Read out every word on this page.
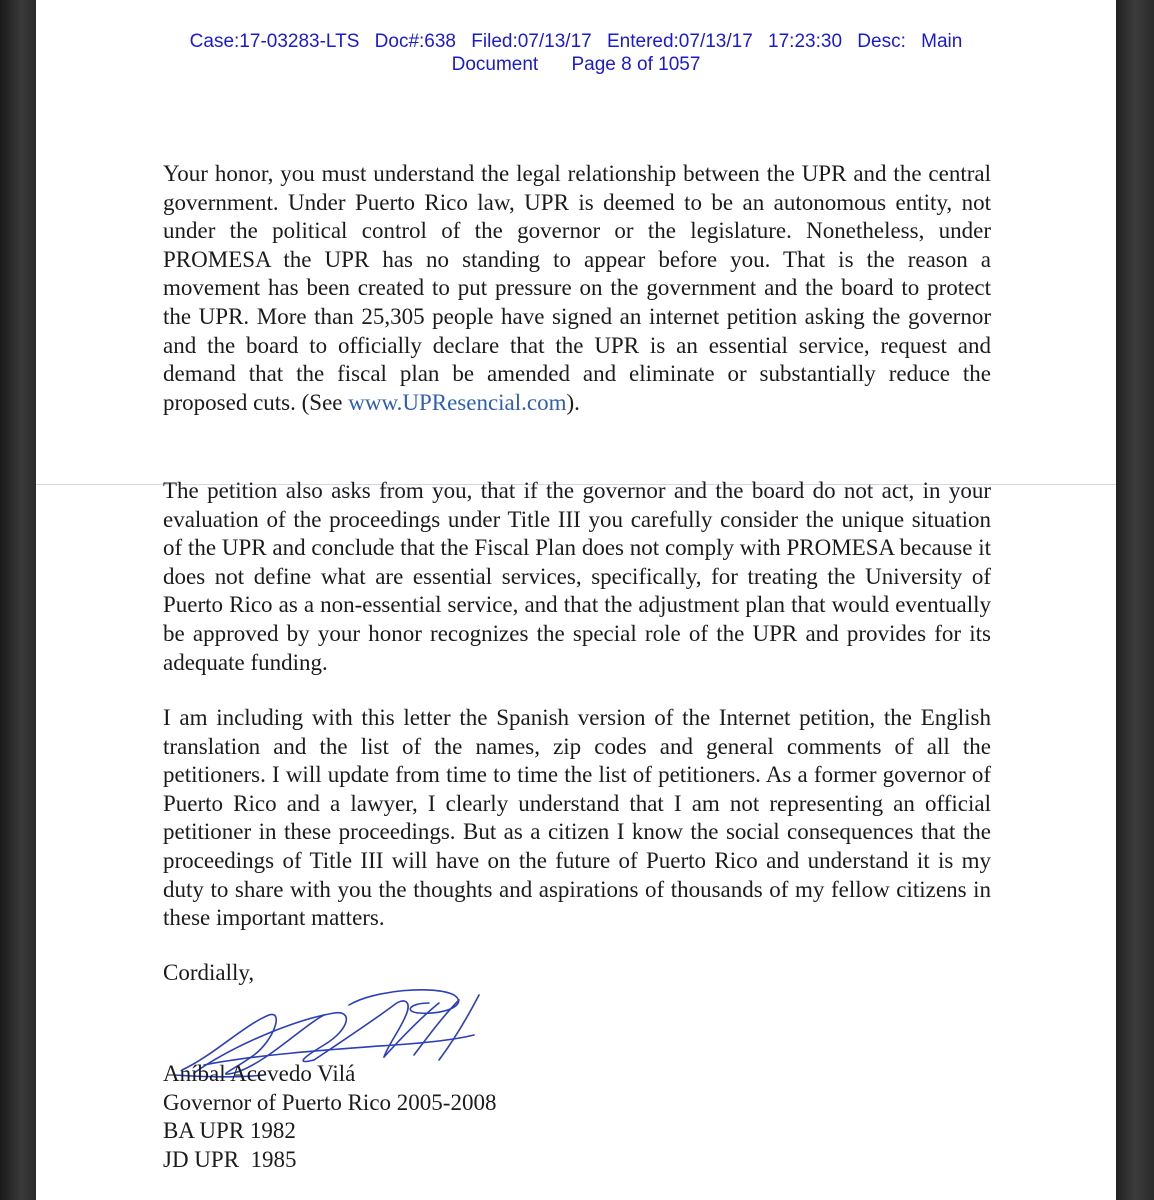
Case:17-03283-LTS Doc#:638 Filed:07/13/17 Entered:07/13/17 17:23:30 Desc: Main
Document Page 8 of 1057
Your honor, you must understand the legal relationship between the UPR and the central government. Under Puerto Rico law, UPR is deemed to be an autonomous entity, not under the political control of the governor or the legislature. Nonetheless, under PROMESA the UPR has no standing to appear before you. That is the reason a movement has been created to put pressure on the government and the board to protect the UPR. More than 25,305 people have signed an internet petition asking the governor and the board to officially declare that the UPR is an essential service, request and demand that the fiscal plan be amended and eliminate or substantially reduce the proposed cuts. (See www.UPResencial.com).
The petition also asks from you, that if the governor and the board do not act, in your evaluation of the proceedings under Title III you carefully consider the unique situation of the UPR and conclude that the Fiscal Plan does not comply with PROMESA because it does not define what are essential services, specifically, for treating the University of Puerto Rico as a non-essential service, and that the adjustment plan that would eventually be approved by your honor recognizes the special role of the UPR and provides for its adequate funding.
I am including with this letter the Spanish version of the Internet petition, the English translation and the list of the names, zip codes and general comments of all the petitioners. I will update from time to time the list of petitioners. As a former governor of Puerto Rico and a lawyer, I clearly understand that I am not representing an official petitioner in these proceedings. But as a citizen I know the social consequences that the proceedings of Title III will have on the future of Puerto Rico and understand it is my duty to share with you the thoughts and aspirations of thousands of my fellow citizens in these important matters.
Cordially,
Aníbal Acevedo Vilá
Governor of Puerto Rico 2005-2008
BA UPR 1982
JD UPR  1985
